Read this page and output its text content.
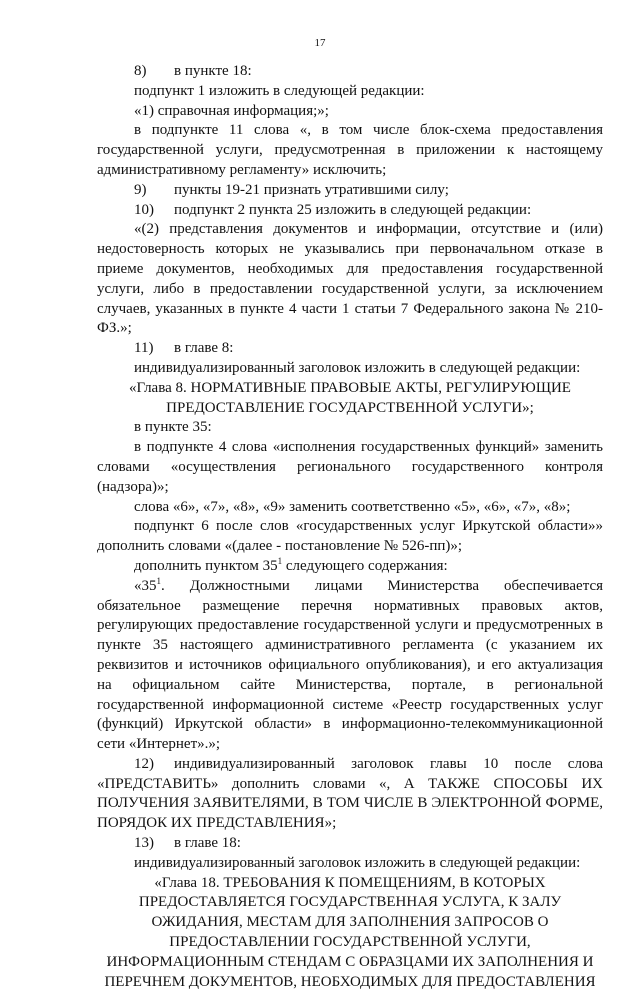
17

8) в пункте 18:

подпункт 1 изложить в следующей редакции:

«1) справочная информация;»;

в подпункте 11 слова «, в том числе блок-схема предоставления государственной услуги, предусмотренная в приложении к настоящему административному регламенту» исключить;

9) пункты 19-21 признать утратившими силу;

10) подпункт 2 пункта 25 изложить в следующей редакции:

«(2) представления документов и информации, отсутствие и (или) недостоверность которых не указывались при первоначальном отказе в приеме документов, необходимых для предоставления государственной услуги, либо в предоставлении государственной услуги, за исключением случаев, указанных в пункте 4 части 1 статьи 7 Федерального закона № 210-ФЗ.»;

11) в главе 8:

индивидуализированный заголовок изложить в следующей редакции:

«Глава 8. НОРМАТИВНЫЕ ПРАВОВЫЕ АКТЫ, РЕГУЛИРУЮЩИЕ

ПРЕДОСТАВЛЕНИЕ ГОСУДАРСТВЕННОЙ УСЛУГИ»;

в пункте 35:

в подпункте 4 слова «исполнения государственных функций» заменить словами «осуществления регионального государственного контроля (надзора)»;

слова «6», «7», «8», «9» заменить соответственно «5», «6», «7», «8»;

подпункт 6 после слов «государственных услуг Иркутской области»» дополнить словами «(далее - постановление № 526-пп)»;

дополнить пунктом $35^1$ следующего содержания:

«$35^1$. Должностными лицами Министерства обеспечивается обязательное размещение перечня нормативных правовых актов, регулирующих предоставление государственной услуги и предусмотренных в пункте 35 настоящего административного регламента (с указанием их реквизитов и источников официального опубликования), и его актуализация на официальном сайте Министерства, портале, в региональной государственной информационной системе «Реестр государственных услуг (функций) Иркутской области» в информационно-телекоммуникационной сети «Интернет».»;

12) индивидуализированный заголовок главы 10 после слова «ПРЕДСТАВИТЬ» дополнить словами «, А ТАКЖЕ СПОСОБЫ ИХ ПОЛУЧЕНИЯ ЗАЯВИТЕЛЯМИ, В ТОМ ЧИСЛЕ В ЭЛЕКТРОННОЙ ФОРМЕ, ПОРЯДОК ИХ ПРЕДСТАВЛЕНИЯ»;

13) в главе 18:

индивидуализированный заголовок изложить в следующей редакции:

«Глава 18. ТРЕБОВАНИЯ К ПОМЕЩЕНИЯМ, В КОТОРЫХ

ПРЕДОСТАВЛЯЕТСЯ ГОСУДАРСТВЕННАЯ УСЛУГА, К ЗАЛУ

ОЖИДАНИЯ, МЕСТАМ ДЛЯ ЗАПОЛНЕНИЯ ЗАПРОСОВ О

ПРЕДОСТАВЛЕНИИ ГОСУДАРСТВЕННОЙ УСЛУГИ,

ИНФОРМАЦИОННЫМ СТЕНДАМ С ОБРАЗЦАМИ ИХ ЗАПОЛНЕНИЯ И

ПЕРЕЧНЕМ ДОКУМЕНТОВ, НЕОБХОДИМЫХ ДЛЯ ПРЕДОСТАВЛЕНИЯ
